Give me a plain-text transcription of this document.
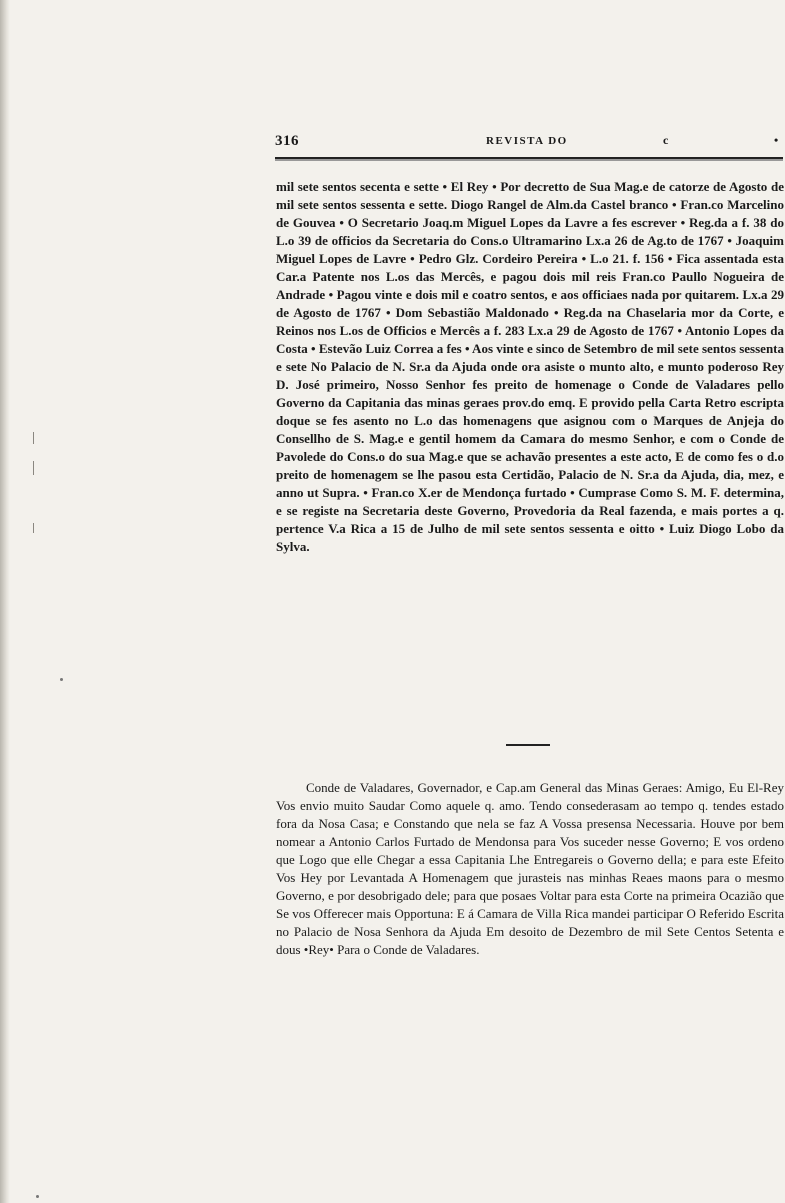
316	REVISTA DO	c	•

mil sete sentos secenta e sette • El Rey • Por decretto de Sua Mag.e de catorze de Agosto de mil sete sentos sessenta e sette. Diogo Rangel de Alm.da Castel branco • Fran.co Marcelino de Gouvea • O Secretario Joaq.m Miguel Lopes da Lavre a fes escrever • Reg.da a f. 38 do L.o 39 de officios da Secretaria do Cons.o Ultramarino Lx.a 26 de Ag.to de 1767 • Joaquim Miguel Lopes de Lavre • Pedro Glz. Cordeiro Pereira • L.o 21. f. 156 • Fica assentada esta Car.a Patente nos L.os das Mercês, e pagou dois mil reis Fran.co Paullo Nogueira de Andrade • Pagou vinte e dois mil e coatro sentos, e aos officiaes nada por quitarem. Lx.a 29 de Agosto de 1767 • Dom Sebastião Maldonado • Reg.da na Chaselaria mor da Corte, e Reinos nos L.os de Officios e Mercês a f. 283 Lx.a 29 de Agosto de 1767 • Antonio Lopes da Costa • Estevão Luiz Correa a fes • Aos vinte e sinco de Setembro de mil sete sentos sessenta e sete No Palacio de N. Sr.a da Ajuda onde ora asiste o munto alto, e munto poderoso Rey D. José primeiro, Nosso Senhor fes preito de homenage o Conde de Valadares pello Governo da Capitania das minas geraes prov.do emq. E provido pella Carta Retro escripta doque se fes asento no L.o das homenagens que asignou com o Marques de Anjeja do Consellho de S. Mag.e e gentil homem da Camara do mesmo Senhor, e com o Conde de Pavolede do Cons.o do sua Mag.e que se achavão presentes a este acto, E de como fes o d.o preito de homenagem se lhe pasou esta Certidão, Palacio de N. Sr.a da Ajuda, dia, mez, e anno ut Supra. • Fran.co X.er de Mendonça furtado • Cumprase Como S. M. F. determina, e se registe na Secretaria deste Governo, Provedoria da Real fazenda, e mais portes a q. pertence V.a Rica a 15 de Julho de mil sete sentos sessenta e oitto • Luiz Diogo Lobo da Sylva.

Conde de Valadares, Governador, e Cap.am General das Minas Geraes: Amigo, Eu El-Rey Vos envio muito Saudar Como aquele q. amo. Tendo consederasam ao tempo q. tendes estado fora da Nosa Casa; e Constando que nela se faz A Vossa presensa Necessaria. Houve por bem nomear a Antonio Carlos Furtado de Mendonsa para Vos suceder nesse Governo; E vos ordeno que Logo que elle Chegar a essa Capitania Lhe Entregareis o Governo della; e para este Efeito Vos Hey por Levantada A Homenagem que jurasteis nas minhas Reaes maons para o mesmo Governo, e por desobrigado dele; para que posaes Voltar para esta Corte na primeira Ocazião que Se vos Offerecer mais Opportuna: E á Camara de Villa Rica mandei participar O Referido Escrita no Palacio de Nosa Senhora da Ajuda Em desoito de Dezembro de mil Sete Centos Setenta e dous •Rey• Para o Conde de Valadares.
